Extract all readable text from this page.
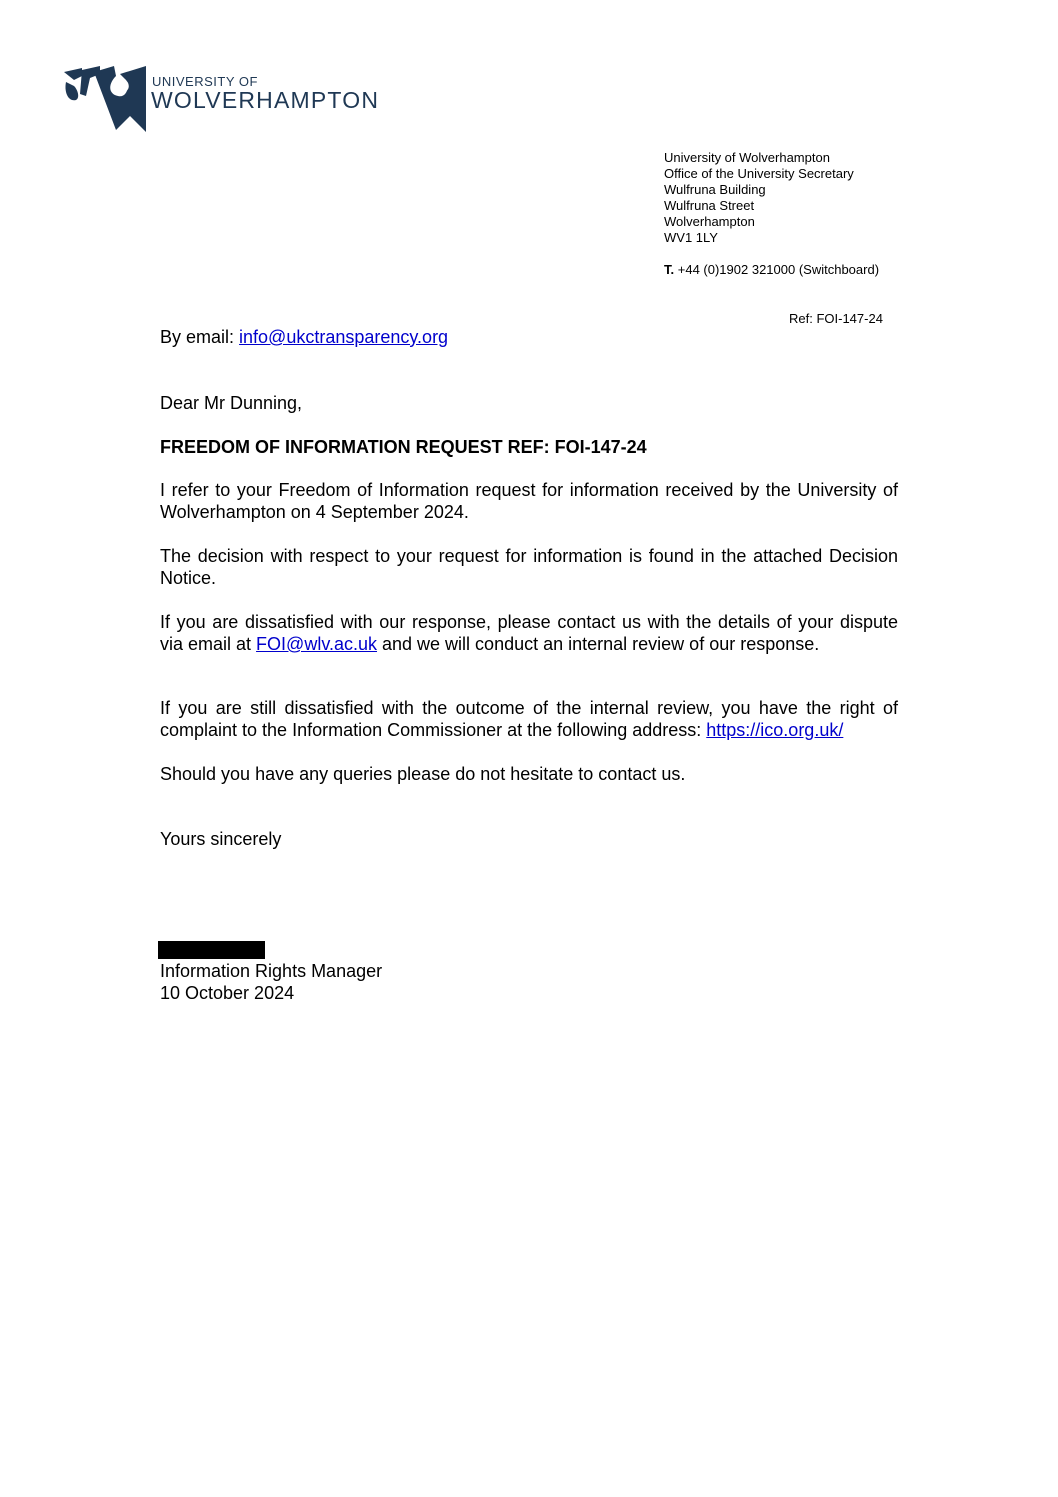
UNIVERSITY OF
WOLVERHAMPTON
University of Wolverhampton
Office of the University Secretary
Wulfruna Building
Wulfruna Street
Wolverhampton
WV1 1LY
T. +44 (0)1902 321000 (Switchboard)
Ref: FOI-147-24
By email: info@ukctransparency.org
Dear Mr Dunning,
FREEDOM OF INFORMATION REQUEST REF: FOI-147-24
I refer to your Freedom of Information request for information received by the University of Wolverhampton on 4 September 2024.
The decision with respect to your request for information is found in the attached Decision Notice.
If you are dissatisfied with our response, please contact us with the details of your dispute via email at FOI@wlv.ac.uk and we will conduct an internal review of our response.
If you are still dissatisfied with the outcome of the internal review, you have the right of complaint to the Information Commissioner at the following address: https://ico.org.uk/
Should you have any queries please do not hesitate to contact us.
Yours sincerely
Information Rights Manager
10 October 2024
